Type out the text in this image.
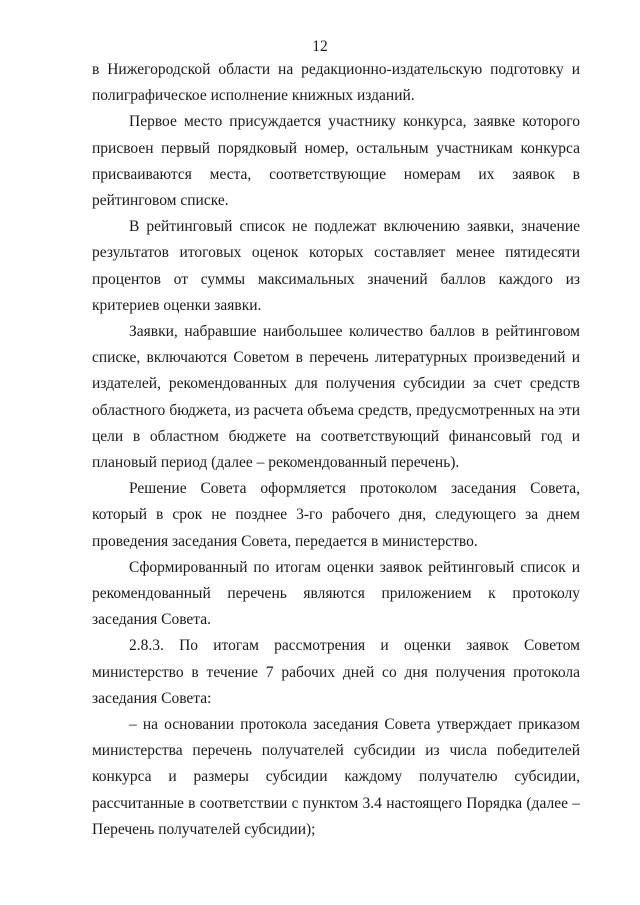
12

в Нижегородской области на редакционно-издательскую подготовку и полиграфическое исполнение книжных изданий.

Первое место присуждается участнику конкурса, заявке которого присвоен первый порядковый номер, остальным участникам конкурса присваиваются места, соответствующие номерам их заявок в рейтинговом списке.

В рейтинговый список не подлежат включению заявки, значение результатов итоговых оценок которых составляет менее пятидесяти процентов от суммы максимальных значений баллов каждого из критериев оценки заявки.

Заявки, набравшие наибольшее количество баллов в рейтинговом списке, включаются Советом в перечень литературных произведений и издателей, рекомендованных для получения субсидии за счет средств областного бюджета, из расчета объема средств, предусмотренных на эти цели в областном бюджете на соответствующий финансовый год и плановый период (далее – рекомендованный перечень).

Решение Совета оформляется протоколом заседания Совета, который в срок не позднее 3-го рабочего дня, следующего за днем проведения заседания Совета, передается в министерство.

Сформированный по итогам оценки заявок рейтинговый список и рекомендованный перечень являются приложением к протоколу заседания Совета.

2.8.3. По итогам рассмотрения и оценки заявок Советом министерство в течение 7 рабочих дней со дня получения протокола заседания Совета:

– на основании протокола заседания Совета утверждает приказом министерства перечень получателей субсидии из числа победителей конкурса и размеры субсидии каждому получателю субсидии, рассчитанные в соответствии с пунктом 3.4 настоящего Порядка (далее – Перечень получателей субсидии);
